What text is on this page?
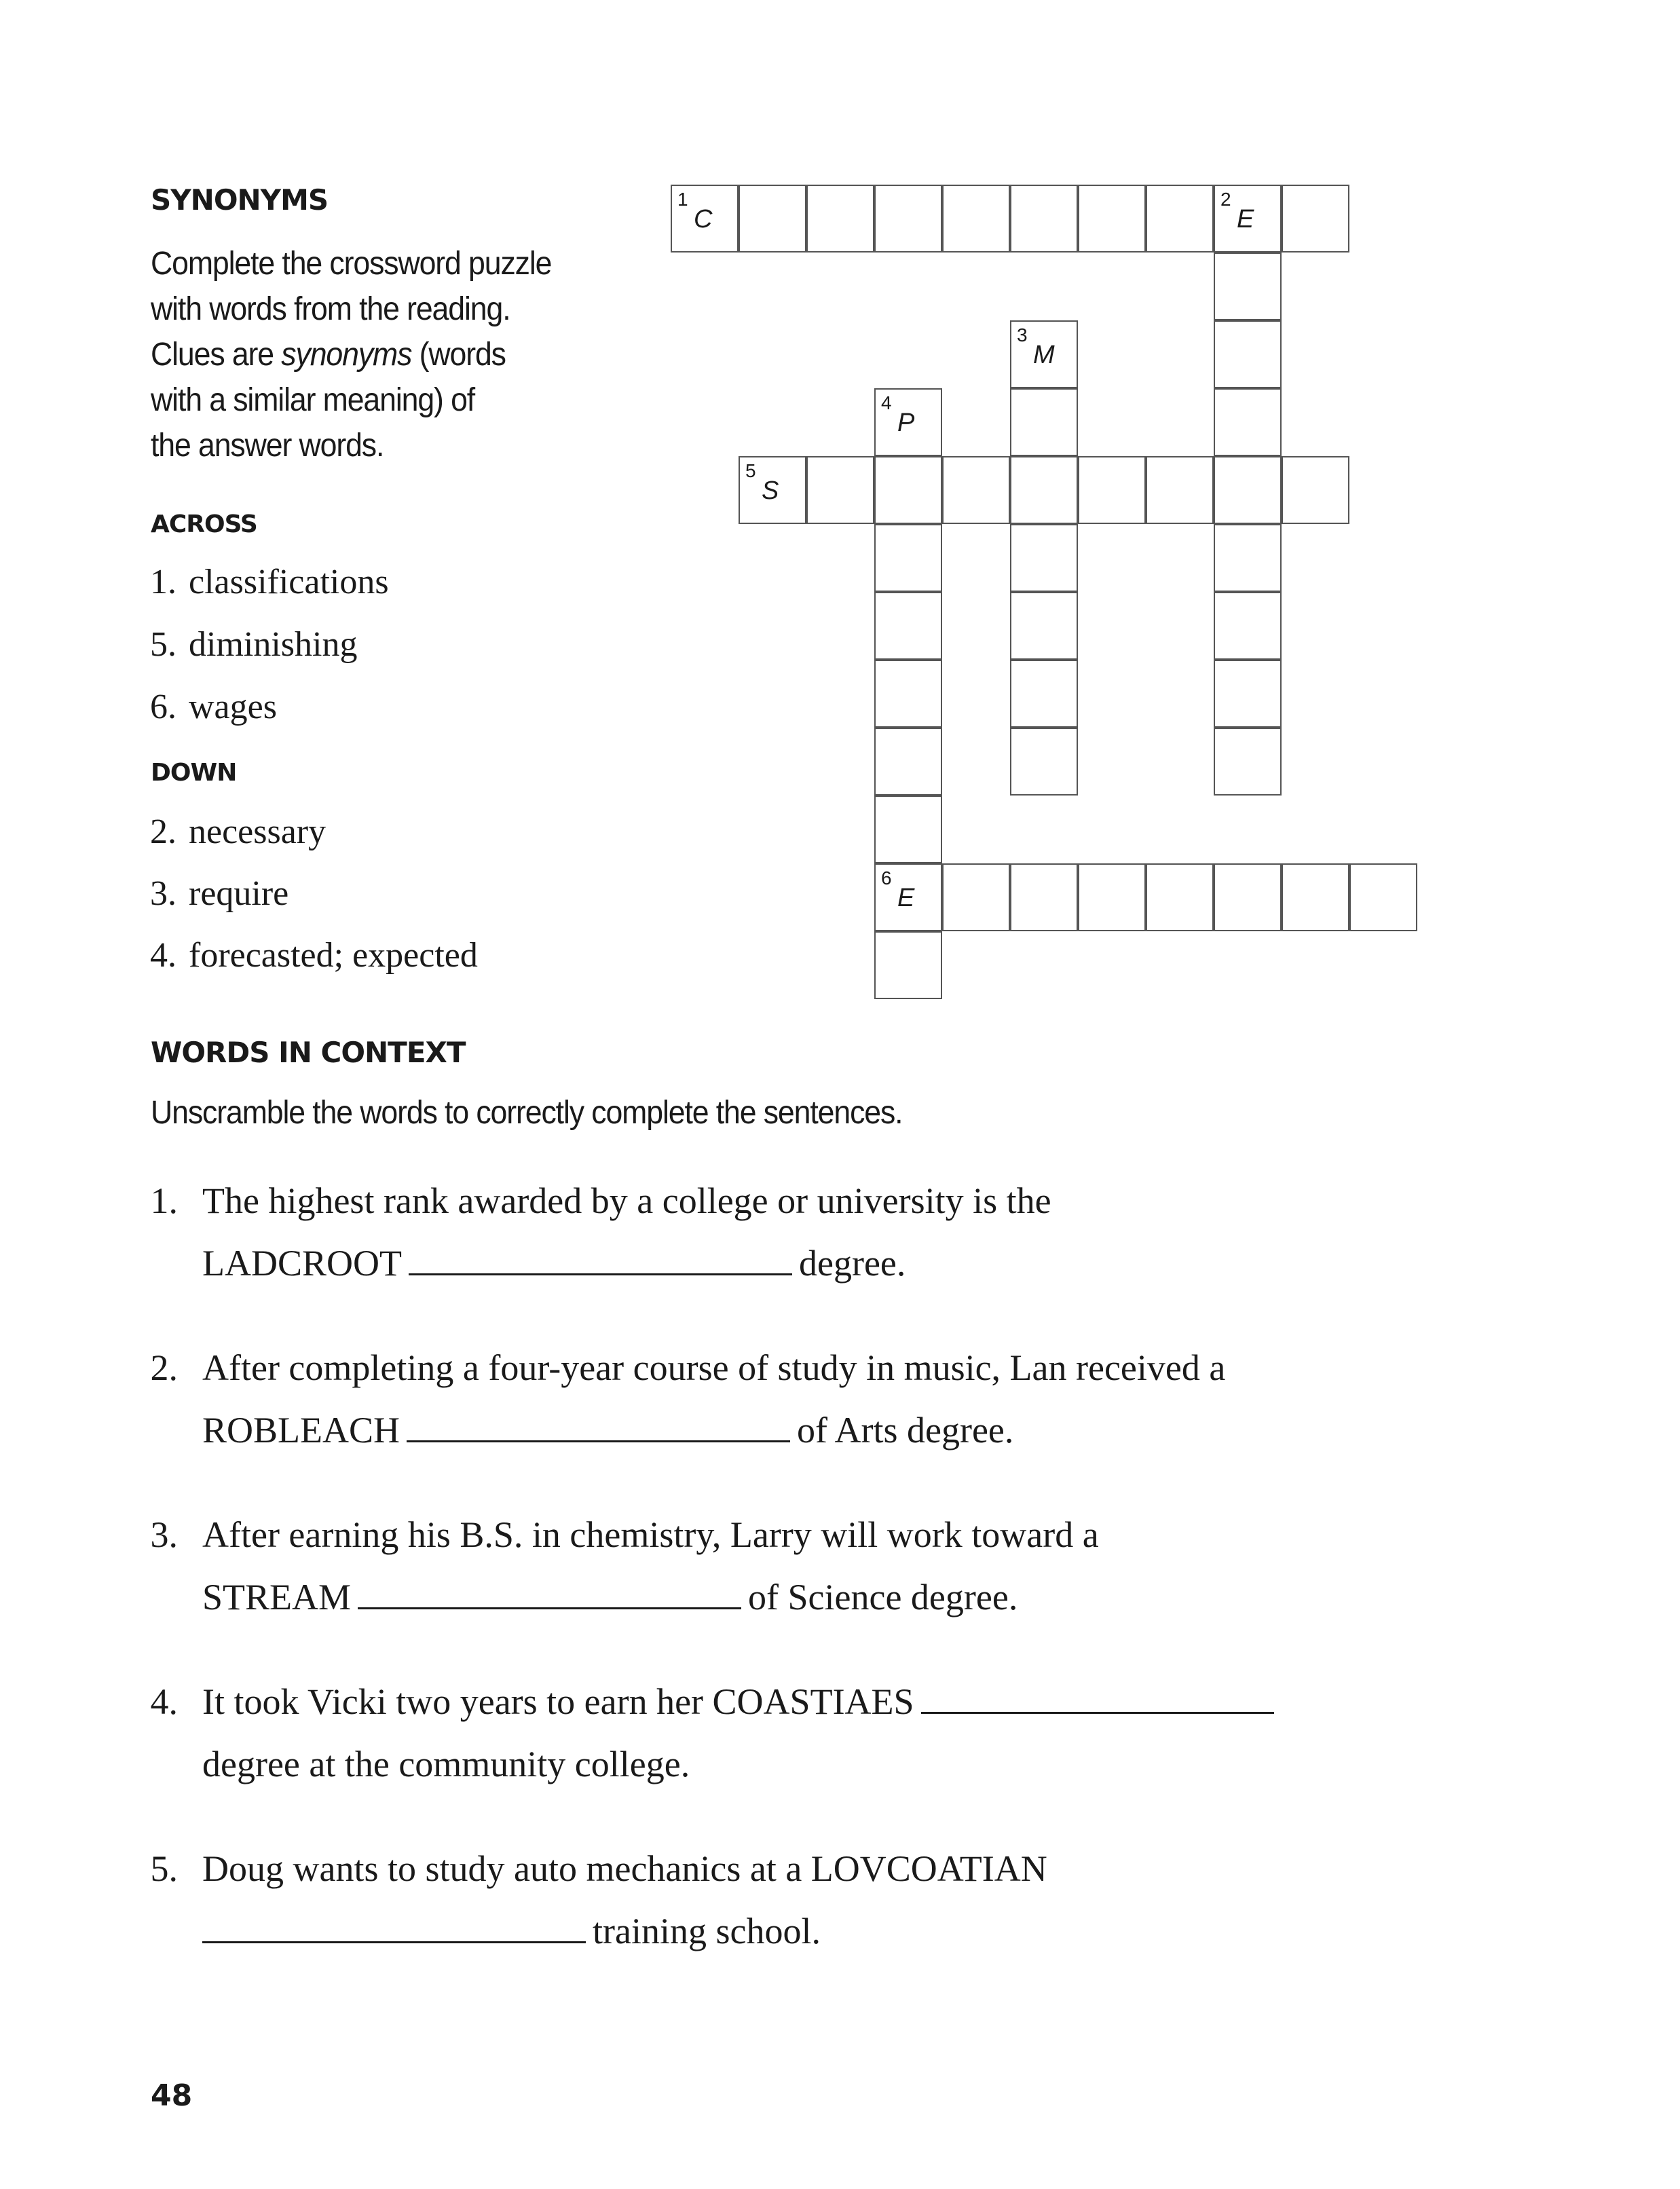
SYNONYMS
Complete the crossword puzzle
with words from the reading.
Clues are synonyms (words
with a similar meaning) of
the answer words.
ACROSS
1. classifications
5. diminishing
6. wages
DOWN
2. necessary
3. require
4. forecasted; expected
1
C
2
E
3
M
4
P
6
E
5
S
WORDS IN CONTEXT
Unscramble the words to correctly complete the sentences.
1. The highest rank awarded by a college or university is the
LADCROOT	degree.
2. After completing a four-year course of study in music, Lan received a
ROBLEACH	of Arts degree.
3. After earning his B.S. in chemistry, Larry will work toward a
STREAM	of Science degree.
4. It took Vicki two years to earn her COASTIAES
degree at the community college.
5. Doug wants to study auto mechanics at a LOVCOATIAN
training school.
48
